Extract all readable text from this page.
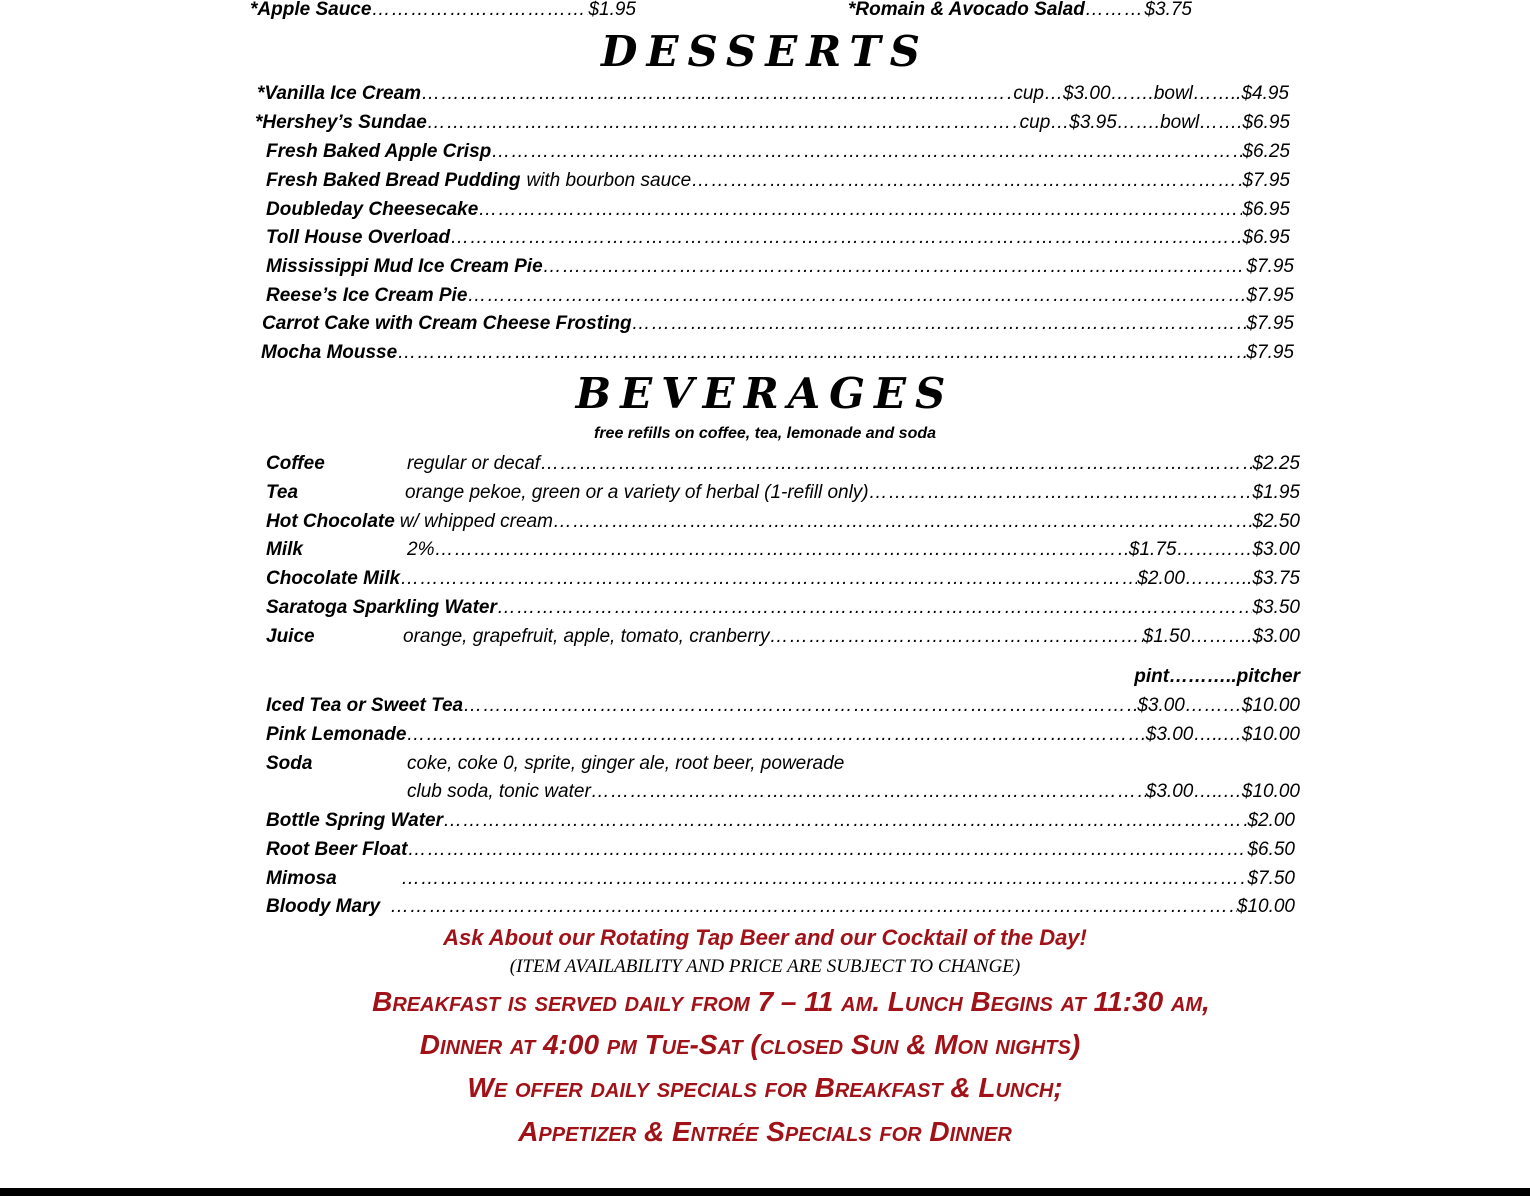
*Apple Sauce ………………………………………………………………………………………………………………………………………………………………………………………………………………………………………………………………………………………………………………………………………	$1.95	*Romain & Avocado Salad ………………………………………………………………………………………………………………………………………………………………………………………………………………………………………………………………………………………………………………………………………	$3.75
DESSERTS
*Vanilla Ice Cream ………………………………………………………………………………………………………………………………………………………………………………………………………………………………………………………………………………………………………………………………………	cup…$3.00…….bowl……..$4.95
*Hershey’s Sundae ………………………………………………………………………………………………………………………………………………………………………………………………………………………………………………………………………………………………………………………………………	cup…$3.95…….bowl…….$6.95
Fresh Baked Apple Crisp ………………………………………………………………………………………………………………………………………………………………………………………………………………………………………………………………………………………………………………………………………	$6.25
Fresh Baked Bread Pudding with bourbon sauce ………………………………………………………………………………………………………………………………………………………………………………………………………………………………………………………………………………………………………………………………………	$7.95
Doubleday Cheesecake ………………………………………………………………………………………………………………………………………………………………………………………………………………………………………………………………………………………………………………………………………	$6.95
Toll House Overload ………………………………………………………………………………………………………………………………………………………………………………………………………………………………………………………………………………………………………………………………………	$6.95
Mississippi Mud Ice Cream Pie ………………………………………………………………………………………………………………………………………………………………………………………………………………………………………………………………………………………………………………………………………	$7.95
Reese’s Ice Cream Pie ………………………………………………………………………………………………………………………………………………………………………………………………………………………………………………………………………………………………………………………………………	$7.95
Carrot Cake with Cream Cheese Frosting ………………………………………………………………………………………………………………………………………………………………………………………………………………………………………………………………………………………………………………………………………	$7.95
Mocha Mousse ………………………………………………………………………………………………………………………………………………………………………………………………………………………………………………………………………………………………………………………………………	$7.95
BEVERAGES
free refills on coffee, tea, lemonade and soda
Coffee	regular or decaf ………………………………………………………………………………………………………………………………………………………………………………………………………………………………………………………………………………………………………………………………………	$2.25
Tea	orange pekoe, green or a variety of herbal (1-refill only) ………………………………………………………………………………………………………………………………………………………………………………………………………………………………………………………………………………………………………………………………………	$1.95
Hot Chocolate w/ whipped cream ………………………………………………………………………………………………………………………………………………………………………………………………………………………………………………………………………………………………………………………………………	$2.50
Milk	2% ………………………………………………………………………………………………………………………………………………………………………………………………………………………………………………………………………………………………………………………………………	$1.75…………$3.00
Chocolate Milk ………………………………………………………………………………………………………………………………………………………………………………………………………………………………………………………………………………………………………………………………………	$2.00………..$3.75
Saratoga Sparkling Water ………………………………………………………………………………………………………………………………………………………………………………………………………………………………………………………………………………………………………………………………………	$3.50
Juice	orange, grapefruit, apple, tomato, cranberry ………………………………………………………………………………………………………………………………………………………………………………………………………………………………………………………………………………………………………………………………………	$1.50……….$3.00
pint………..pitcher
Iced Tea or Sweet Tea ………………………………………………………………………………………………………………………………………………………………………………………………………………………………………………………………………………………………………………………………………	$3.00………$10.00
Pink Lemonade ………………………………………………………………………………………………………………………………………………………………………………………………………………………………………………………………………………………………………………………………………	$3.00…..…$10.00
Soda	coke, coke 0, sprite, ginger ale, root beer, powerade
club soda, tonic water ………………………………………………………………………………………………………………………………………………………………………………………………………………………………………………………………………………………………………………………………………	$3.00…..…$10.00
Bottle Spring Water ………………………………………………………………………………………………………………………………………………………………………………………………………………………………………………………………………………………………………………………………………	$2.00
Root Beer Float ………………………………………………………………………………………………………………………………………………………………………………………………………………………………………………………………………………………………………………………………………	$6.50
Mimosa ………………………………………………………………………………………………………………………………………………………………………………………………………………………………………………………………………………………………………………………………………	$7.50
Bloody Mary ………………………………………………………………………………………………………………………………………………………………………………………………………………………………………………………………………………………………………………………………………	$10.00
Ask About our Rotating Tap Beer and our Cocktail of the Day!
(ITEM AVAILABILITY AND PRICE ARE SUBJECT TO CHANGE)
Breakfast is served daily from 7 – 11 am. Lunch Begins at 11:30 am,
Dinner at 4:00 pm Tue-Sat (closed Sun & Mon nights)
We offer daily specials for Breakfast & Lunch;
Appetizer & Entrée Specials for Dinner
